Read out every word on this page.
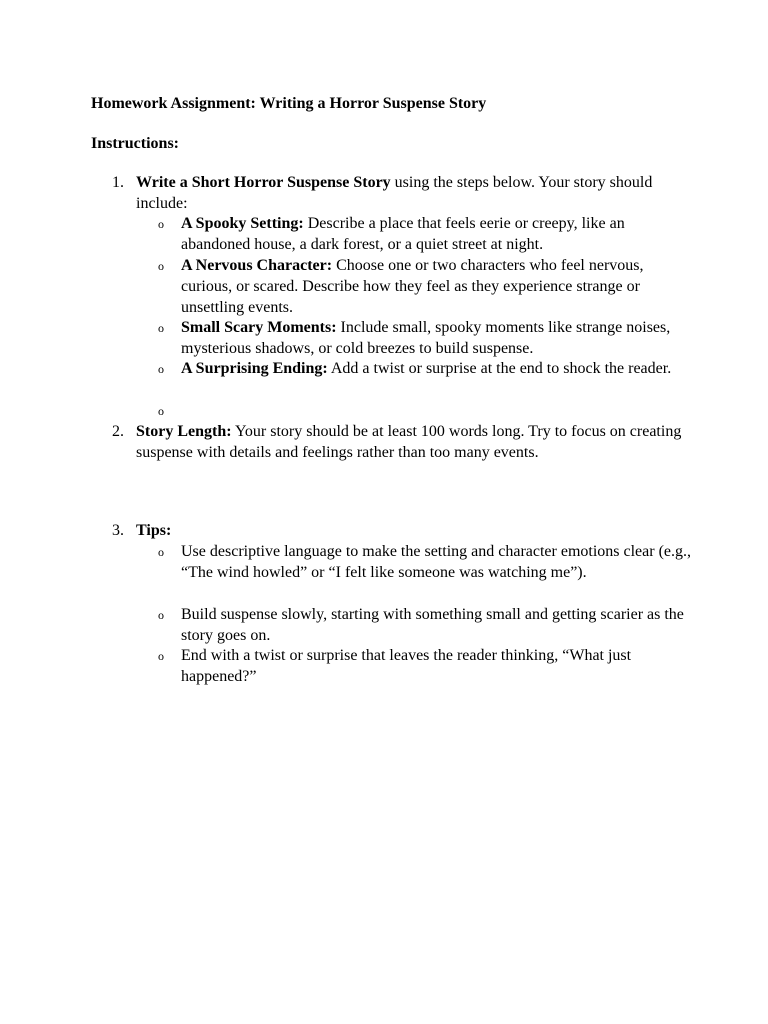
Homework Assignment: Writing a Horror Suspense Story

Instructions:

1. Write a Short Horror Suspense Story using the steps below. Your story should include:
o A Spooky Setting: Describe a place that feels eerie or creepy, like an abandoned house, a dark forest, or a quiet street at night.
o A Nervous Character: Choose one or two characters who feel nervous, curious, or scared. Describe how they feel as they experience strange or unsettling events.
o Small Scary Moments: Include small, spooky moments like strange noises, mysterious shadows, or cold breezes to build suspense.
o A Surprising Ending: Add a twist or surprise at the end to shock the reader.
o
2. Story Length: Your story should be at least 100 words long. Try to focus on creating suspense with details and feelings rather than too many events.
3. Tips:
o Use descriptive language to make the setting and character emotions clear (e.g., “The wind howled” or “I felt like someone was watching me”).
o Build suspense slowly, starting with something small and getting scarier as the story goes on.
o End with a twist or surprise that leaves the reader thinking, “What just happened?”
